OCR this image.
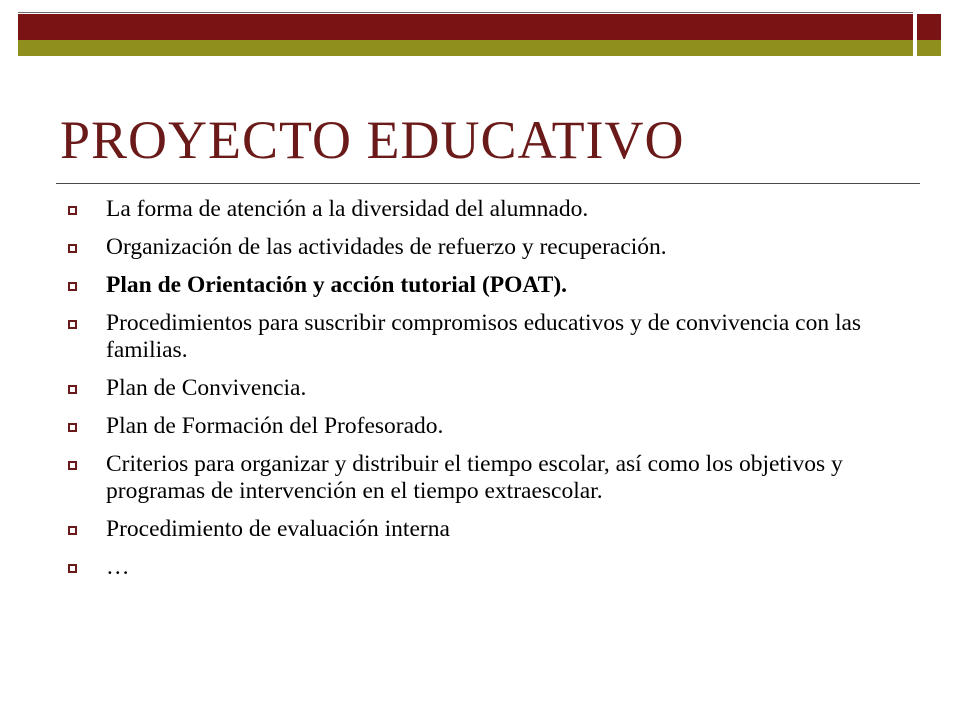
PROYECTO EDUCATIVO
La forma de atención a la diversidad del alumnado.
Organización de las actividades de refuerzo y recuperación.
Plan de Orientación y acción tutorial (POAT).
Procedimientos para suscribir compromisos educativos y de convivencia con las familias.
Plan de Convivencia.
Plan de Formación del Profesorado.
Criterios para organizar y distribuir el tiempo escolar, así como los objetivos y programas de intervención en el tiempo extraescolar.
Procedimiento de evaluación interna
…
